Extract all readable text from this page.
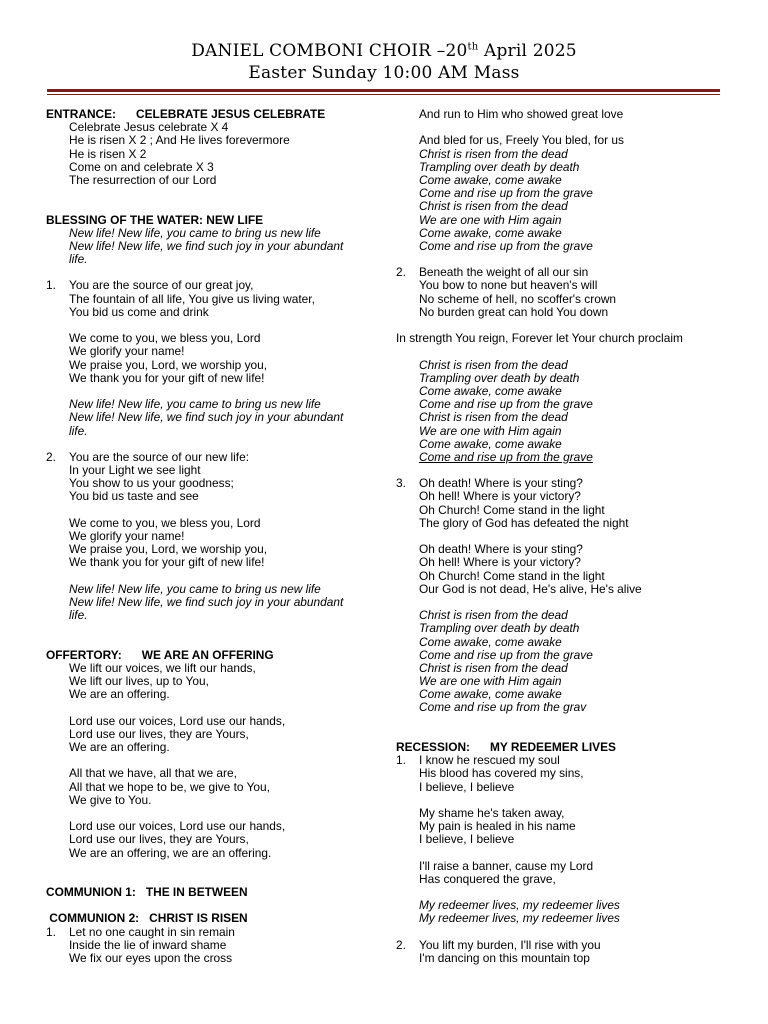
DANIEL COMBONI CHOIR –20th April 2025
Easter Sunday 10:00 AM Mass
ENTRANCE: CELEBRATE JESUS CELEBRATE
Celebrate Jesus celebrate X 4
He is risen X 2 ; And He lives forevermore
He is risen X 2
Come on and celebrate X 3
The resurrection of our Lord
BLESSING OF THE WATER: NEW LIFE
New life! New life, you came to bring us new life
New life! New life, we find such joy in your abundant
life.
1. You are the source of our great joy,
The fountain of all life, You give us living water,
You bid us come and drink
We come to you, we bless you, Lord
We glorify your name!
We praise you, Lord, we worship you,
We thank you for your gift of new life!
New life! New life, you came to bring us new life
New life! New life, we find such joy in your abundant
life.
2. You are the source of our new life:
In your Light we see light
You show to us your goodness;
You bid us taste and see
We come to you, we bless you, Lord
We glorify your name!
We praise you, Lord, we worship you,
We thank you for your gift of new life!
New life! New life, you came to bring us new life
New life! New life, we find such joy in your abundant
life.
OFFERTORY: WE ARE AN OFFERING
We lift our voices, we lift our hands,
We lift our lives, up to You,
We are an offering.
Lord use our voices, Lord use our hands,
Lord use our lives, they are Yours,
We are an offering.
All that we have, all that we are,
All that we hope to be, we give to You,
We give to You.
Lord use our voices, Lord use our hands,
Lord use our lives, they are Yours,
We are an offering, we are an offering.
COMMUNION 1: THE IN BETWEEN
COMMUNION 2: CHRIST IS RISEN
1. Let no one caught in sin remain
Inside the lie of inward shame
We fix our eyes upon the cross
And run to Him who showed great love
And bled for us, Freely You bled, for us
Christ is risen from the dead
Trampling over death by death
Come awake, come awake
Come and rise up from the grave
Christ is risen from the dead
We are one with Him again
Come awake, come awake
Come and rise up from the grave
2. Beneath the weight of all our sin
You bow to none but heaven's will
No scheme of hell, no scoffer's crown
No burden great can hold You down
In strength You reign, Forever let Your church proclaim
Christ is risen from the dead
Trampling over death by death
Come awake, come awake
Come and rise up from the grave
Christ is risen from the dead
We are one with Him again
Come awake, come awake
Come and rise up from the grave
3. Oh death! Where is your sting?
Oh hell! Where is your victory?
Oh Church! Come stand in the light
The glory of God has defeated the night
Oh death! Where is your sting?
Oh hell! Where is your victory?
Oh Church! Come stand in the light
Our God is not dead, He's alive, He's alive
Christ is risen from the dead
Trampling over death by death
Come awake, come awake
Come and rise up from the grave
Christ is risen from the dead
We are one with Him again
Come awake, come awake
Come and rise up from the grav
RECESSION: MY REDEEMER LIVES
1. I know he rescued my soul
His blood has covered my sins,
I believe, I believe
My shame he's taken away,
My pain is healed in his name
I believe, I believe
I'll raise a banner, cause my Lord
Has conquered the grave,
My redeemer lives, my redeemer lives
My redeemer lives, my redeemer lives
2. You lift my burden, I'll rise with you
I'm dancing on this mountain top
